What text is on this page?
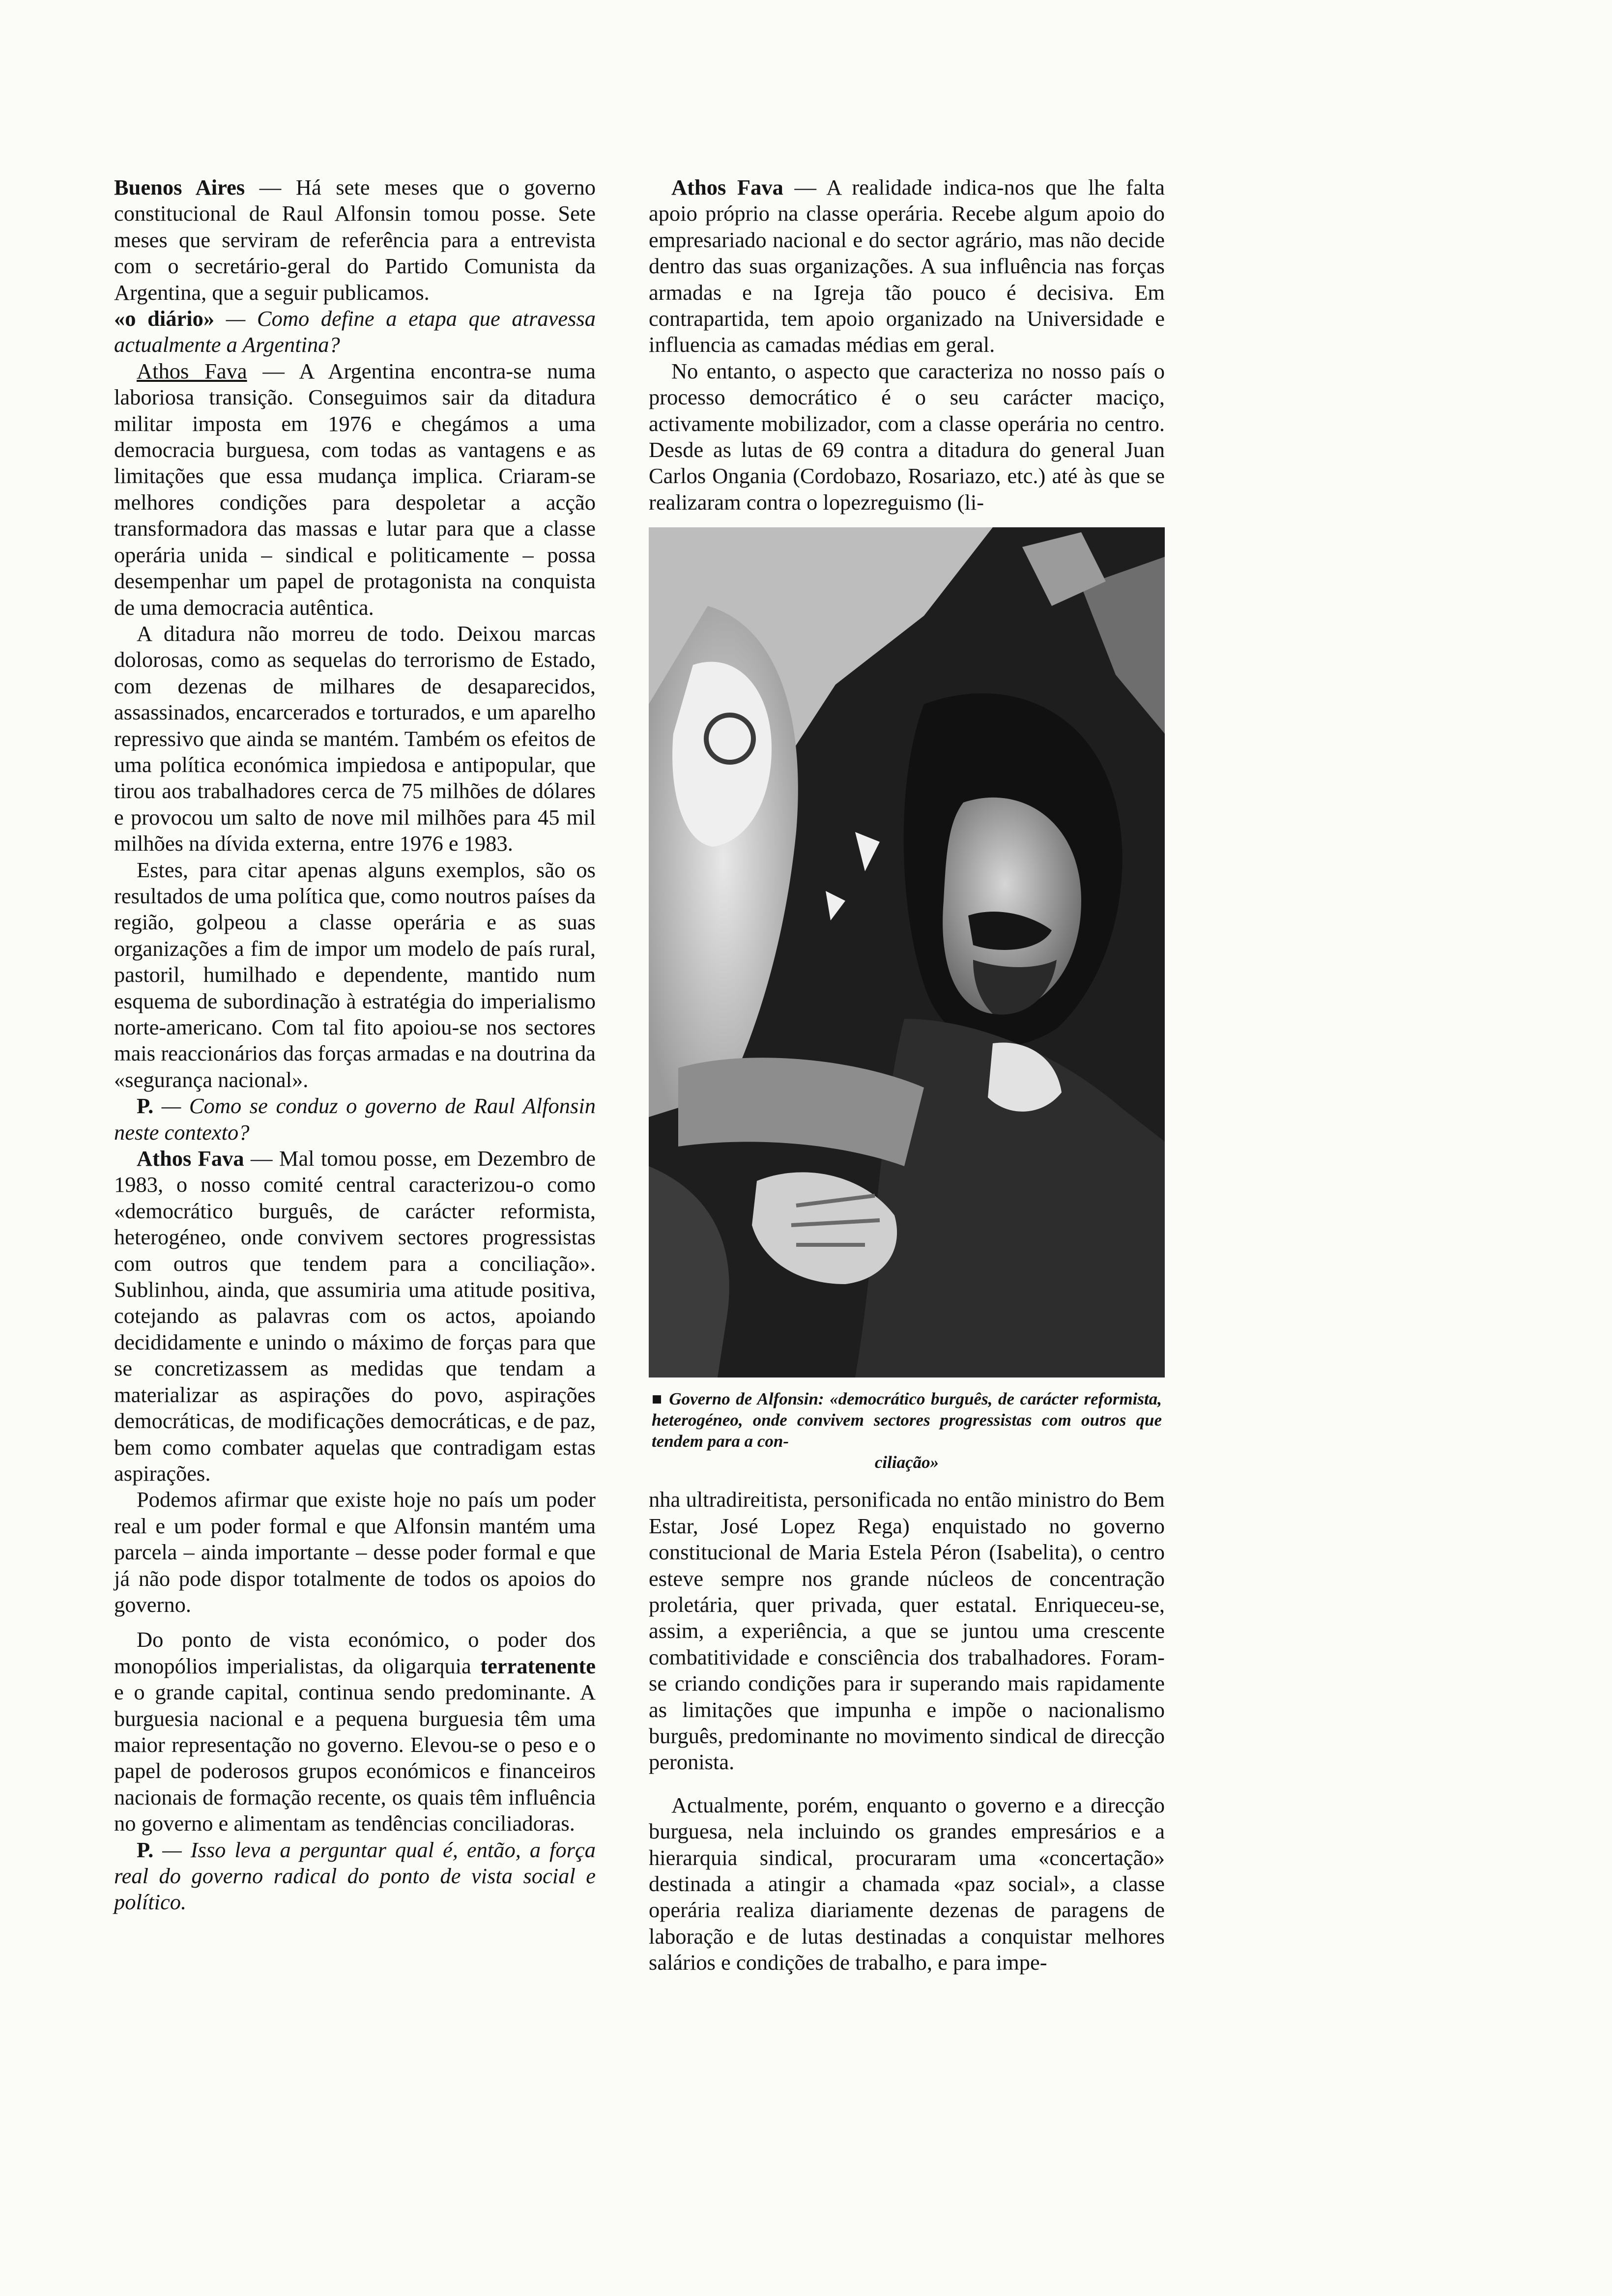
Buenos Aires — Há sete meses que o governo constitucional de Raul Alfonsin tomou posse. Sete meses que serviram de referência para a entrevista com o secretário-geral do Partido Comunista da Argentina, que a seguir publicamos.

«o diário» — Como define a etapa que atravessa actualmente a Argentina?

Athos Fava — A Argentina encontra-se numa laboriosa transição. Conseguimos sair da ditadura militar imposta em 1976 e chegámos a uma democracia burguesa, com todas as vantagens e as limitações que essa mudança implica. Criaram-se melhores condições para despoletar a acção transformadora das massas e lutar para que a classe operária unida – sindical e politicamente – possa desempenhar um papel de protagonista na conquista de uma democracia autêntica.

A ditadura não morreu de todo. Deixou marcas dolorosas, como as sequelas do terrorismo de Estado, com dezenas de milhares de desaparecidos, assassinados, encarcerados e torturados, e um aparelho repressivo que ainda se mantém. Também os efeitos de uma política económica impiedosa e antipopular, que tirou aos trabalhadores cerca de 75 milhões de dólares e provocou um salto de nove mil milhões para 45 mil milhões na dívida externa, entre 1976 e 1983.

Estes, para citar apenas alguns exemplos, são os resultados de uma política que, como noutros países da região, golpeou a classe operária e as suas organizações a fim de impor um modelo de país rural, pastoril, humilhado e dependente, mantido num esquema de subordinação à estratégia do imperialismo norte-americano. Com tal fito apoiou-se nos sectores mais reaccionários das forças armadas e na doutrina da «segurança nacional».

P. — Como se conduz o governo de Raul Alfonsin neste contexto?

Athos Fava — Mal tomou posse, em Dezembro de 1983, o nosso comité central caracterizou-o como «democrático burguês, de carácter reformista, heterogéneo, onde convivem sectores progressistas com outros que tendem para a conciliação». Sublinhou, ainda, que assumiria uma atitude positiva, cotejando as palavras com os actos, apoiando decididamente e unindo o máximo de forças para que se concretizassem as medidas que tendam a materializar as aspirações do povo, aspirações democráticas, de modificações democráticas, e de paz, bem como combater aquelas que contradigam estas aspirações.

Podemos afirmar que existe hoje no país um poder real e um poder formal e que Alfonsin mantém uma parcela – ainda importante – desse poder formal e que já não pode dispor totalmente de todos os apoios do governo.

Do ponto de vista económico, o poder dos monopólios imperialistas, da oligarquia terratenente e o grande capital, continua sendo predominante. A burguesia nacional e a pequena burguesia têm uma maior representação no governo. Elevou-se o peso e o papel de poderosos grupos económicos e financeiros nacionais de formação recente, os quais têm influência no governo e alimentam as tendências conciliadoras.

P. — Isso leva a perguntar qual é, então, a força real do governo radical do ponto de vista social e político.

Athos Fava — A realidade indica-nos que lhe falta apoio próprio na classe operária. Recebe algum apoio do empresariado nacional e do sector agrário, mas não decide dentro das suas organizações. A sua influência nas forças armadas e na Igreja tão pouco é decisiva. Em contrapartida, tem apoio organizado na Universidade e influencia as camadas médias em geral.

No entanto, o aspecto que caracteriza no nosso país o processo democrático é o seu carácter maciço, activamente mobilizador, com a classe operária no centro. Desde as lutas de 69 contra a ditadura do general Juan Carlos Ongania (Cordobazo, Rosariazo, etc.) até às que se realizaram contra o lopezreguismo (li-

■ Governo de Alfonsin: «democrático burguês, de carácter reformista, heterogéneo, onde convivem sectores progressistas com outros que tendem para a con-
ciliação»

nha ultradireitista, personificada no então ministro do Bem Estar, José Lopez Rega) enquistado no governo constitucional de Maria Estela Péron (Isabelita), o centro esteve sempre nos grande núcleos de concentração proletária, quer privada, quer estatal. Enriqueceu-se, assim, a experiência, a que se juntou uma crescente combatitividade e consciência dos trabalhadores. Foram-se criando condições para ir superando mais rapidamente as limitações que impunha e impõe o nacionalismo burguês, predominante no movimento sindical de direcção peronista.

Actualmente, porém, enquanto o governo e a direcção burguesa, nela incluindo os grandes empresários e a hierarquia sindical, procuraram uma «concertação» destinada a atingir a chamada «paz social», a classe operária realiza diariamente dezenas de paragens de laboração e de lutas destinadas a conquistar melhores salários e condições de trabalho, e para impe-
